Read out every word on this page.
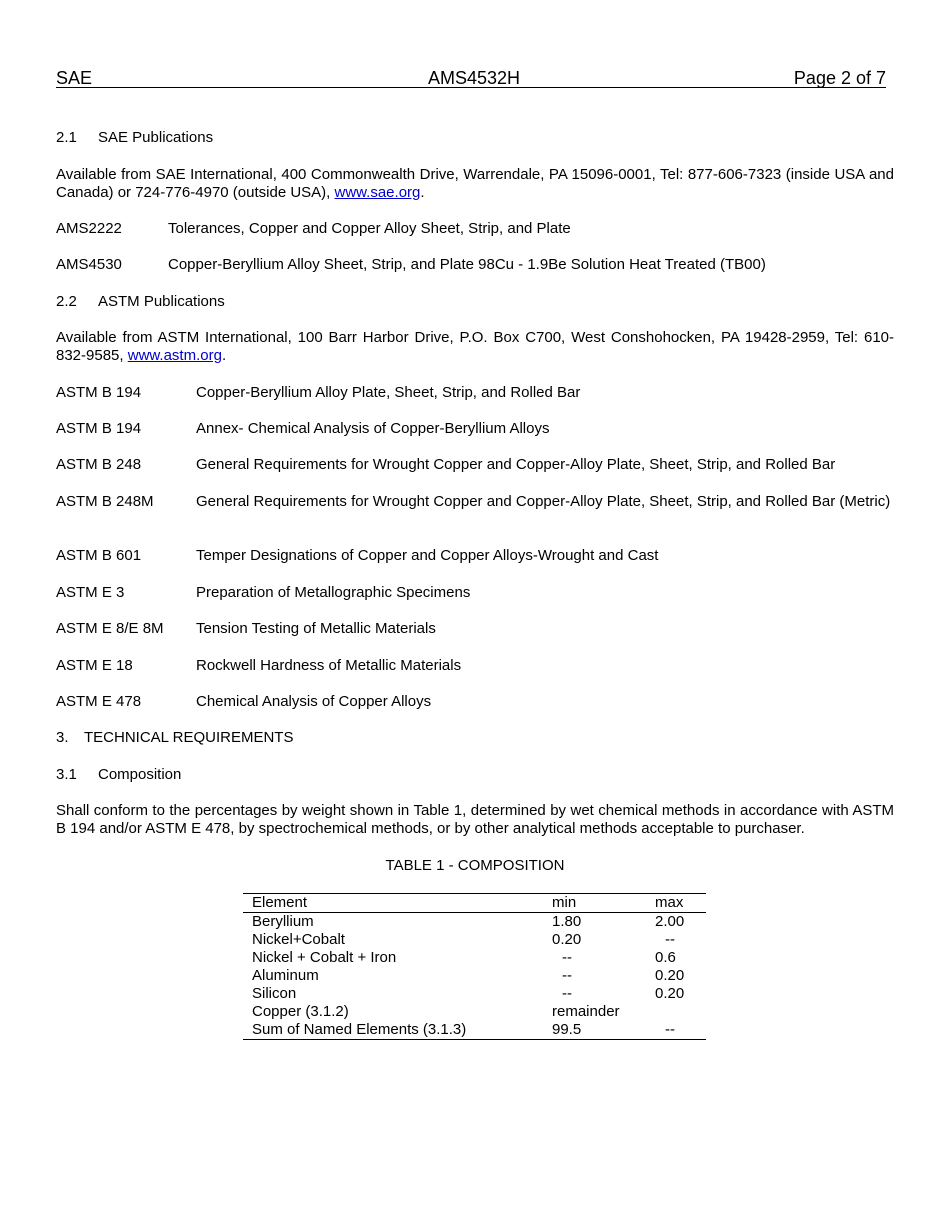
SAE	AMS4532H	Page 2 of 7
2.1 SAE Publications
Available from SAE International, 400 Commonwealth Drive, Warrendale, PA 15096-0001, Tel: 877-606-7323 (inside USA and Canada) or 724-776-4970 (outside USA), www.sae.org.
AMS2222	Tolerances, Copper and Copper Alloy Sheet, Strip, and Plate
AMS4530	Copper-Beryllium Alloy Sheet, Strip, and Plate 98Cu - 1.9Be Solution Heat Treated (TB00)
2.2 ASTM Publications
Available from ASTM International, 100 Barr Harbor Drive, P.O. Box C700, West Conshohocken, PA 19428-2959, Tel: 610-832-9585, www.astm.org.
ASTM B 194	Copper-Beryllium Alloy Plate, Sheet, Strip, and Rolled Bar
ASTM B 194	Annex- Chemical Analysis of Copper-Beryllium Alloys
ASTM B 248	General Requirements for Wrought Copper and Copper-Alloy Plate, Sheet, Strip, and Rolled Bar
ASTM B 248M	General Requirements for Wrought Copper and Copper-Alloy Plate, Sheet, Strip, and Rolled Bar (Metric)
ASTM B 601	Temper Designations of Copper and Copper Alloys-Wrought and Cast
ASTM E 3	Preparation of Metallographic Specimens
ASTM E 8/E 8M Tension Testing of Metallic Materials
ASTM E 18	Rockwell Hardness of Metallic Materials
ASTM E 478	Chemical Analysis of Copper Alloys
3. TECHNICAL REQUIREMENTS
3.1 Composition
Shall conform to the percentages by weight shown in Table 1, determined by wet chemical methods in accordance with ASTM B 194 and/or ASTM E 478, by spectrochemical methods, or by other analytical methods acceptable to purchaser.
TABLE 1 - COMPOSITION
Element	min	max
Beryllium	1.80	2.00
Nickel+Cobalt	0.20	--
Nickel + Cobalt + Iron	--	0.6
Aluminum	--	0.20
Silicon	--	0.20
Copper (3.1.2)	remainder	
Sum of Named Elements (3.1.3)	99.5	--
